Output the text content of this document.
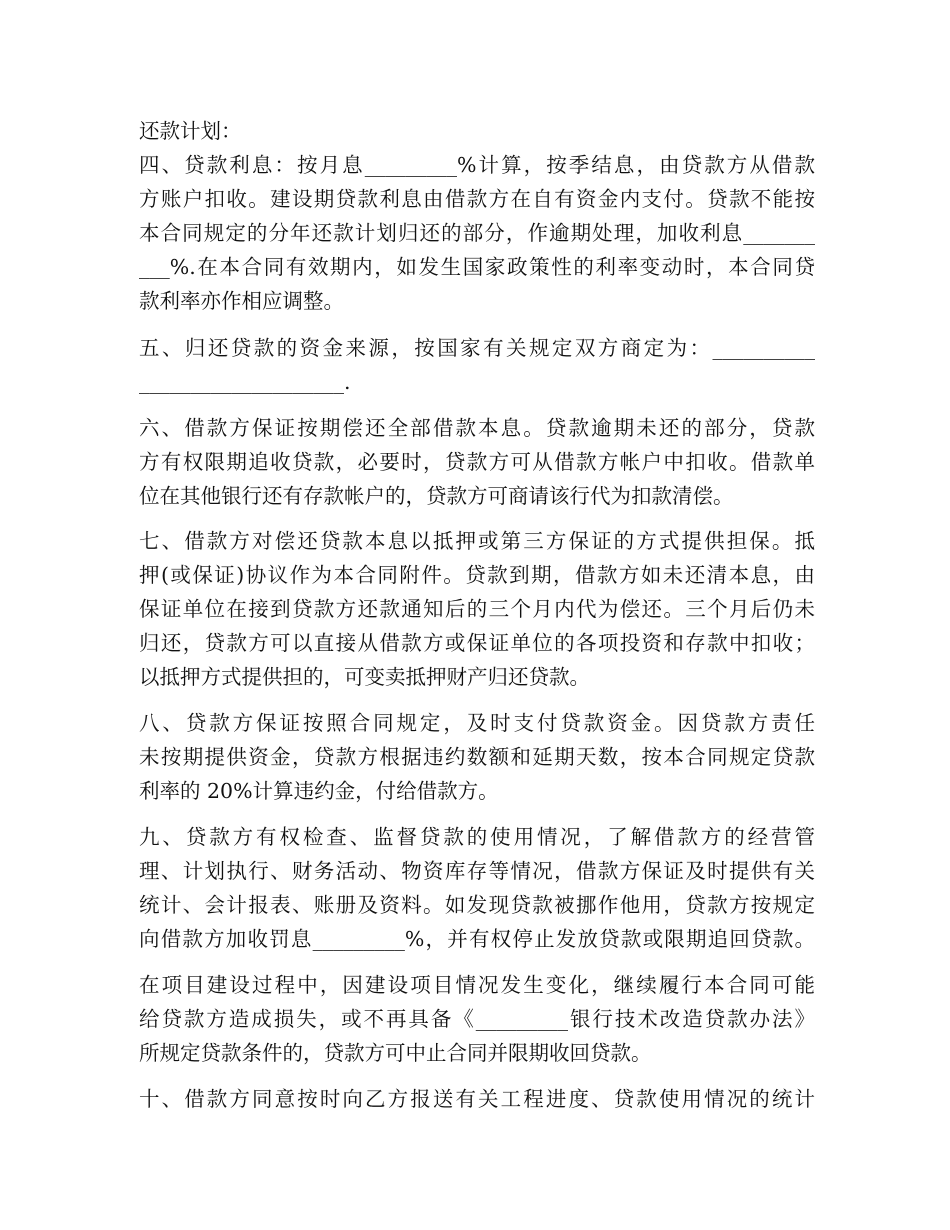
还款计划：
四、贷款利息：按月息_________%计算，按季结息，由贷款方从借款
方账户扣收。建设期贷款利息由借款方在自有资金内支付。贷款不能按
本合同规定的分年还款计划归还的部分，作逾期处理，加收利息_______
___%.在本合同有效期内，如发生国家政策性的利率变动时，本合同贷
款利率亦作相应调整。
五、归还贷款的资金来源，按国家有关规定双方商定为：__________
____________________.
六、借款方保证按期偿还全部借款本息。贷款逾期未还的部分，贷款
方有权限期追收贷款，必要时，贷款方可从借款方帐户中扣收。借款单
位在其他银行还有存款帐户的，贷款方可商请该行代为扣款清偿。
七、借款方对偿还贷款本息以抵押或第三方保证的方式提供担保。抵
押(或保证)协议作为本合同附件。贷款到期，借款方如未还清本息，由
保证单位在接到贷款方还款通知后的三个月内代为偿还。三个月后仍未
归还，贷款方可以直接从借款方或保证单位的各项投资和存款中扣收；
以抵押方式提供担的，可变卖抵押财产归还贷款。
八、贷款方保证按照合同规定，及时支付贷款资金。因贷款方责任
未按期提供资金，贷款方根据违约数额和延期天数，按本合同规定贷款
利率的 20%计算违约金，付给借款方。
九、贷款方有权检查、监督贷款的使用情况，了解借款方的经营管
理、计划执行、财务活动、物资库存等情况，借款方保证及时提供有关
统计、会计报表、账册及资料。如发现贷款被挪作他用，贷款方按规定
向借款方加收罚息_________%，并有权停止发放贷款或限期追回贷款。
在项目建设过程中，因建设项目情况发生变化，继续履行本合同可能
给贷款方造成损失，或不再具备《_________银行技术改造贷款办法》
所规定贷款条件的，贷款方可中止合同并限期收回贷款。
十、借款方同意按时向乙方报送有关工程进度、贷款使用情况的统计
